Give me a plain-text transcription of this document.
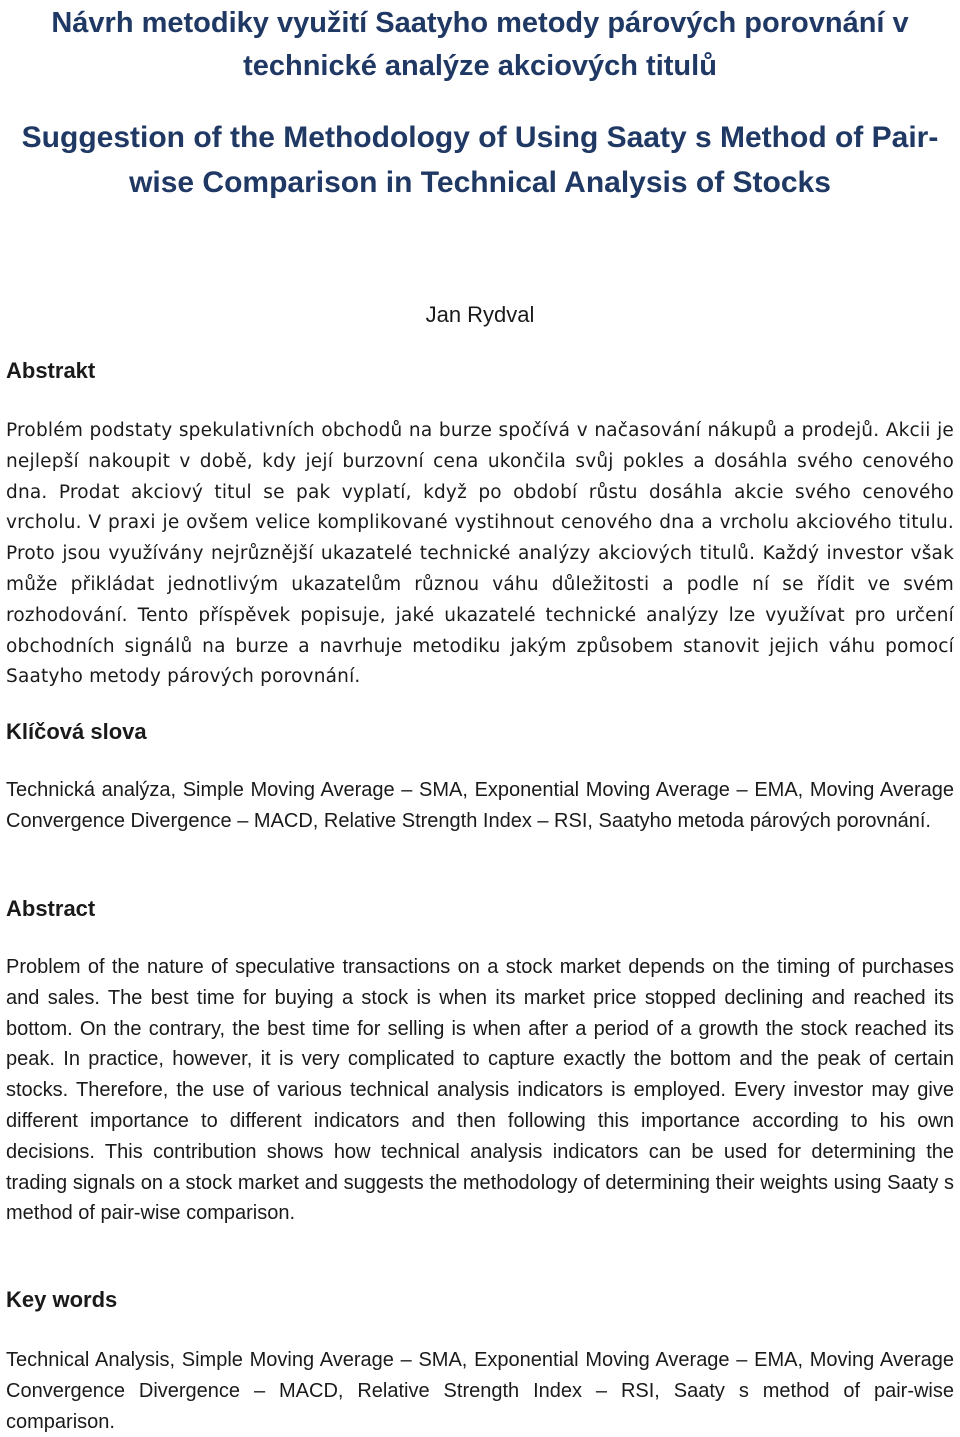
Návrh metodiky využití Saatyho metody párových porovnání v technické analýze akciových titulů
Suggestion of the Methodology of Using Saaty s Method of Pair-wise Comparison in Technical Analysis of Stocks
Jan Rydval
Abstrakt
Problém podstaty spekulativních obchodů na burze spočívá v načasování nákupů a prodejů. Akcii je nejlepší nakoupit v době, kdy její burzovní cena ukončila svůj pokles a dosáhla svého cenového dna. Prodat akciový titul se pak vyplatí, když po období růstu dosáhla akcie svého cenového vrcholu. V praxi je ovšem velice komplikované vystihnout cenového dna a vrcholu akciového titulu. Proto jsou využívány nejrůznější ukazatelé technické analýzy akciových titulů. Každý investor však může přikládat jednotlivým ukazatelům různou váhu důležitosti a podle ní se řídit ve svém rozhodování. Tento příspěvek popisuje, jaké ukazatelé technické analýzy lze využívat pro určení obchodních signálů na burze a navrhuje metodiku jakým způsobem stanovit jejich váhu pomocí Saatyho metody párových porovnání.
Klíčová slova
Technická analýza, Simple Moving Average – SMA, Exponential Moving Average – EMA, Moving Average Convergence Divergence – MACD, Relative Strength Index – RSI, Saatyho metoda párových porovnání.
Abstract
Problem of the nature of speculative transactions on a stock market depends on the timing of purchases and sales. The best time for buying a stock is when its market price stopped declining and reached its bottom. On the contrary, the best time for selling is when after a period of a growth the stock reached its peak. In practice, however, it is very complicated to capture exactly the bottom and the peak of certain stocks. Therefore, the use of various technical analysis indicators is employed. Every investor may give different importance to different indicators and then following this importance according to his own decisions. This contribution shows how technical analysis indicators can be used for determining the trading signals on a stock market and suggests the methodology of determining their weights using Saaty s method of pair-wise comparison.
Key words
Technical Analysis, Simple Moving Average – SMA, Exponential Moving Average – EMA, Moving Average Convergence Divergence – MACD, Relative Strength Index – RSI, Saaty s method of pair-wise comparison.
